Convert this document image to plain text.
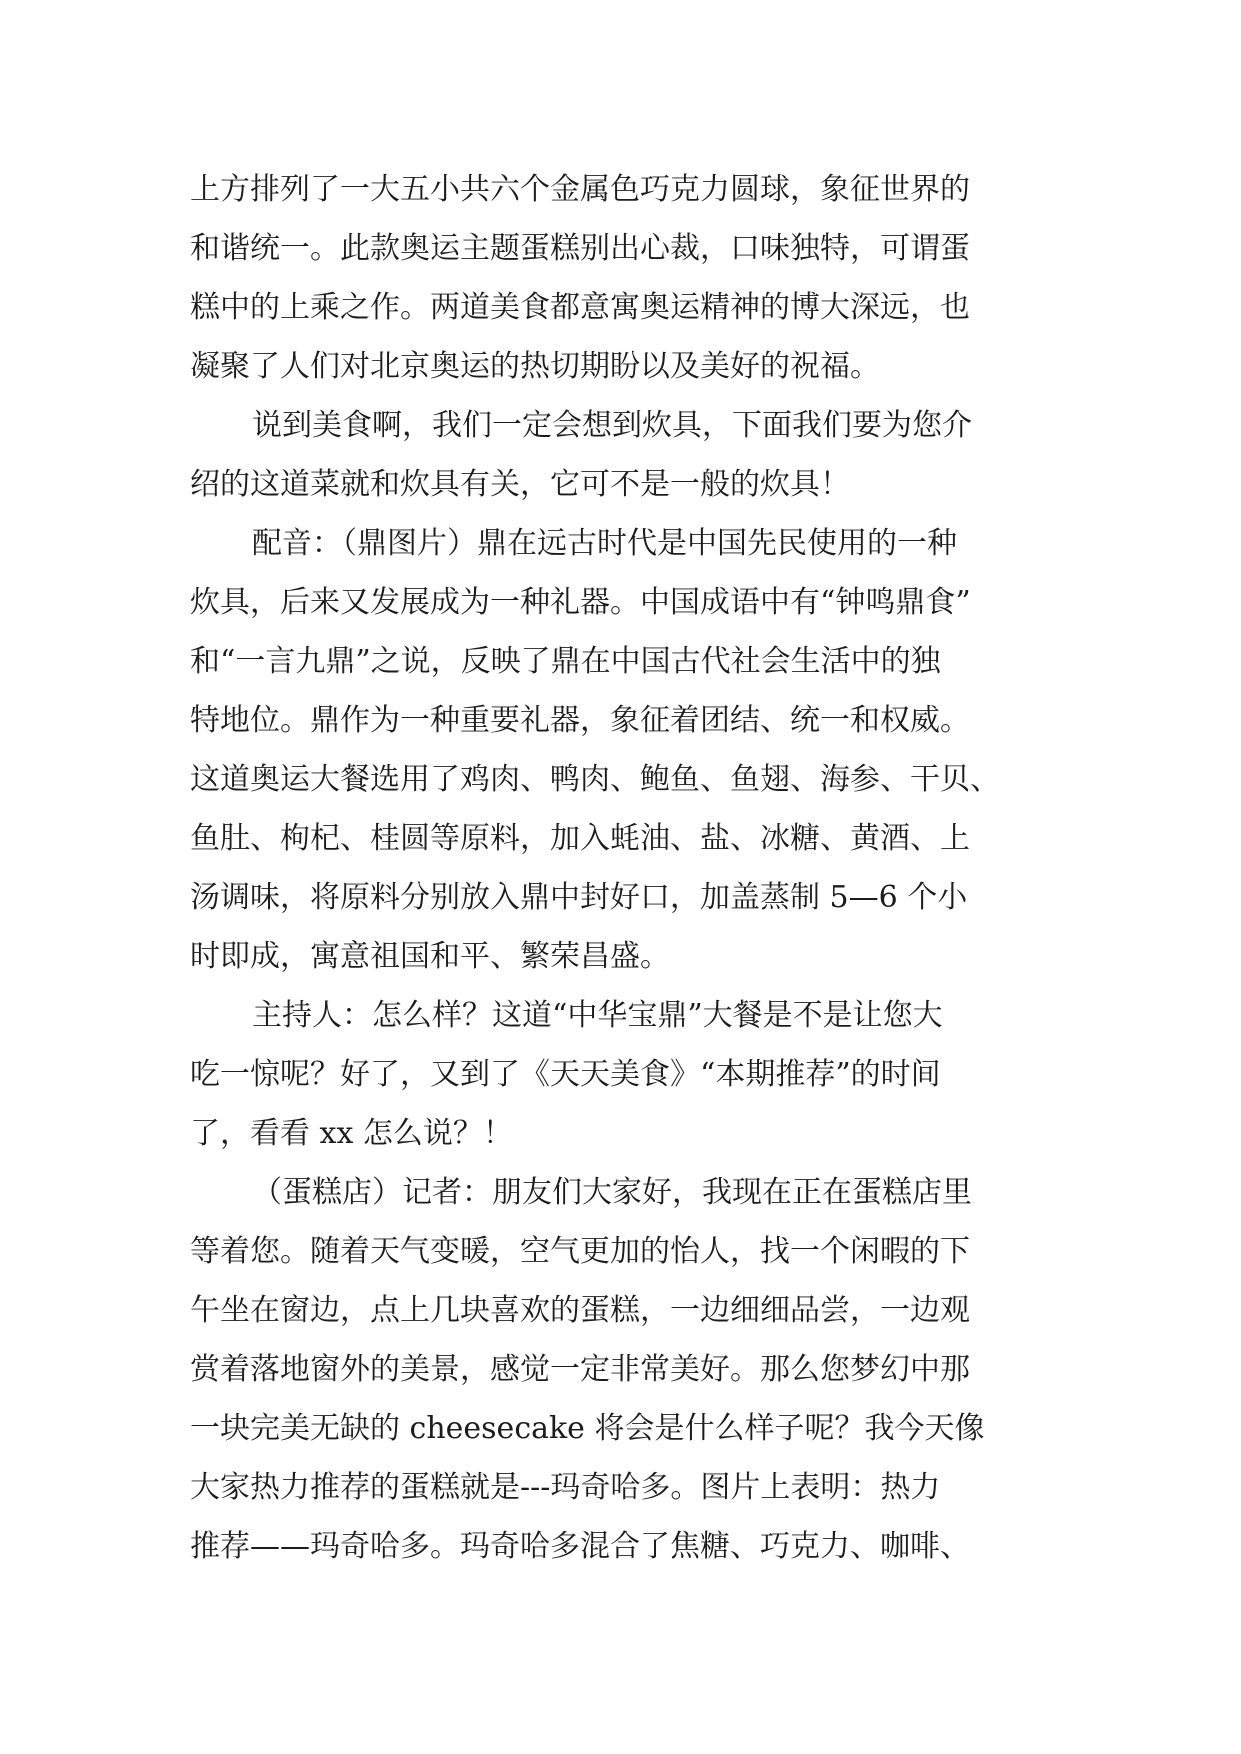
上方排列了一大五小共六个金属色巧克力圆球，象征世界的
和谐统一。此款奥运主题蛋糕别出心裁，口味独特，可谓蛋
糕中的上乘之作。两道美食都意寓奥运精神的博大深远，也
凝聚了人们对北京奥运的热切期盼以及美好的祝福。
说到美食啊，我们一定会想到炊具，下面我们要为您介
绍的这道菜就和炊具有关，它可不是一般的炊具！
配音：（鼎图片）鼎在远古时代是中国先民使用的一种
炊具，后来又发展成为一种礼器。中国成语中有“钟鸣鼎食”
和“一言九鼎”之说，反映了鼎在中国古代社会生活中的独
特地位。鼎作为一种重要礼器，象征着团结、统一和权威。
这道奥运大餐选用了鸡肉、鸭肉、鲍鱼、鱼翅、海参、干贝、
鱼肚、枸杞、桂圆等原料，加入蚝油、盐、冰糖、黄酒、上
汤调味，将原料分别放入鼎中封好口，加盖蒸制 5—6 个小
时即成，寓意祖国和平、繁荣昌盛。
主持人：怎么样？这道“中华宝鼎”大餐是不是让您大
吃一惊呢？好了，又到了《天天美食》“本期推荐”的时间
了，看看 xx 怎么说？！
（蛋糕店）记者：朋友们大家好，我现在正在蛋糕店里
等着您。随着天气变暖，空气更加的怡人，找一个闲暇的下
午坐在窗边，点上几块喜欢的蛋糕，一边细细品尝，一边观
赏着落地窗外的美景，感觉一定非常美好。那么您梦幻中那
一块完美无缺的 cheesecake 将会是什么样子呢？我今天像
大家热力推荐的蛋糕就是---玛奇哈多。图片上表明：热力
推荐——玛奇哈多。玛奇哈多混合了焦糖、巧克力、咖啡、
